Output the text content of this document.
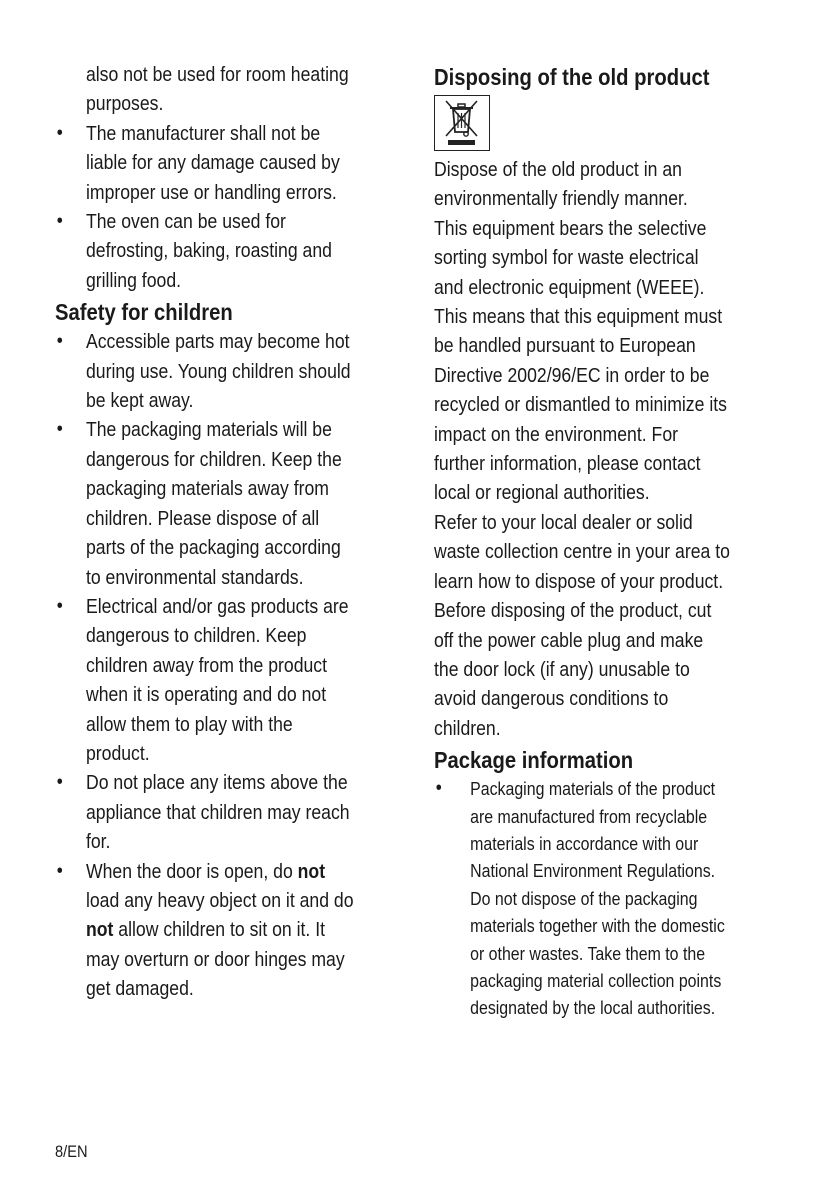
also not be used for room heating
purposes.
• The manufacturer shall not be
liable for any damage caused by
improper use or handling errors.
• The oven can be used for
defrosting, baking, roasting and
grilling food.
Safety for children
• Accessible parts may become hot
during use. Young children should
be kept away.
• The packaging materials will be
dangerous for children. Keep the
packaging materials away from
children. Please dispose of all
parts of the packaging according
to environmental standards.
• Electrical and/or gas products are
dangerous to children. Keep
children away from the product
when it is operating and do not
allow them to play with the
product.
• Do not place any items above the
appliance that children may reach
for.
• When the door is open, do not
load any heavy object on it and do
not allow children to sit on it. It
may overturn or door hinges may
get damaged.
Disposing of the old product
Dispose of the old product in an
environmentally friendly manner.
This equipment bears the selective
sorting symbol for waste electrical
and electronic equipment (WEEE).
This means that this equipment must
be handled pursuant to European
Directive 2002/96/EC in order to be
recycled or dismantled to minimize its
impact on the environment. For
further information, please contact
local or regional authorities.
Refer to your local dealer or solid
waste collection centre in your area to
learn how to dispose of your product.
Before disposing of the product, cut
off the power cable plug and make
the door lock (if any) unusable to
avoid dangerous conditions to
children.
Package information
• Packaging materials of the product
are manufactured from recyclable
materials in accordance with our
National Environment Regulations.
Do not dispose of the packaging
materials together with the domestic
or other wastes. Take them to the
packaging material collection points
designated by the local authorities.
8/EN
